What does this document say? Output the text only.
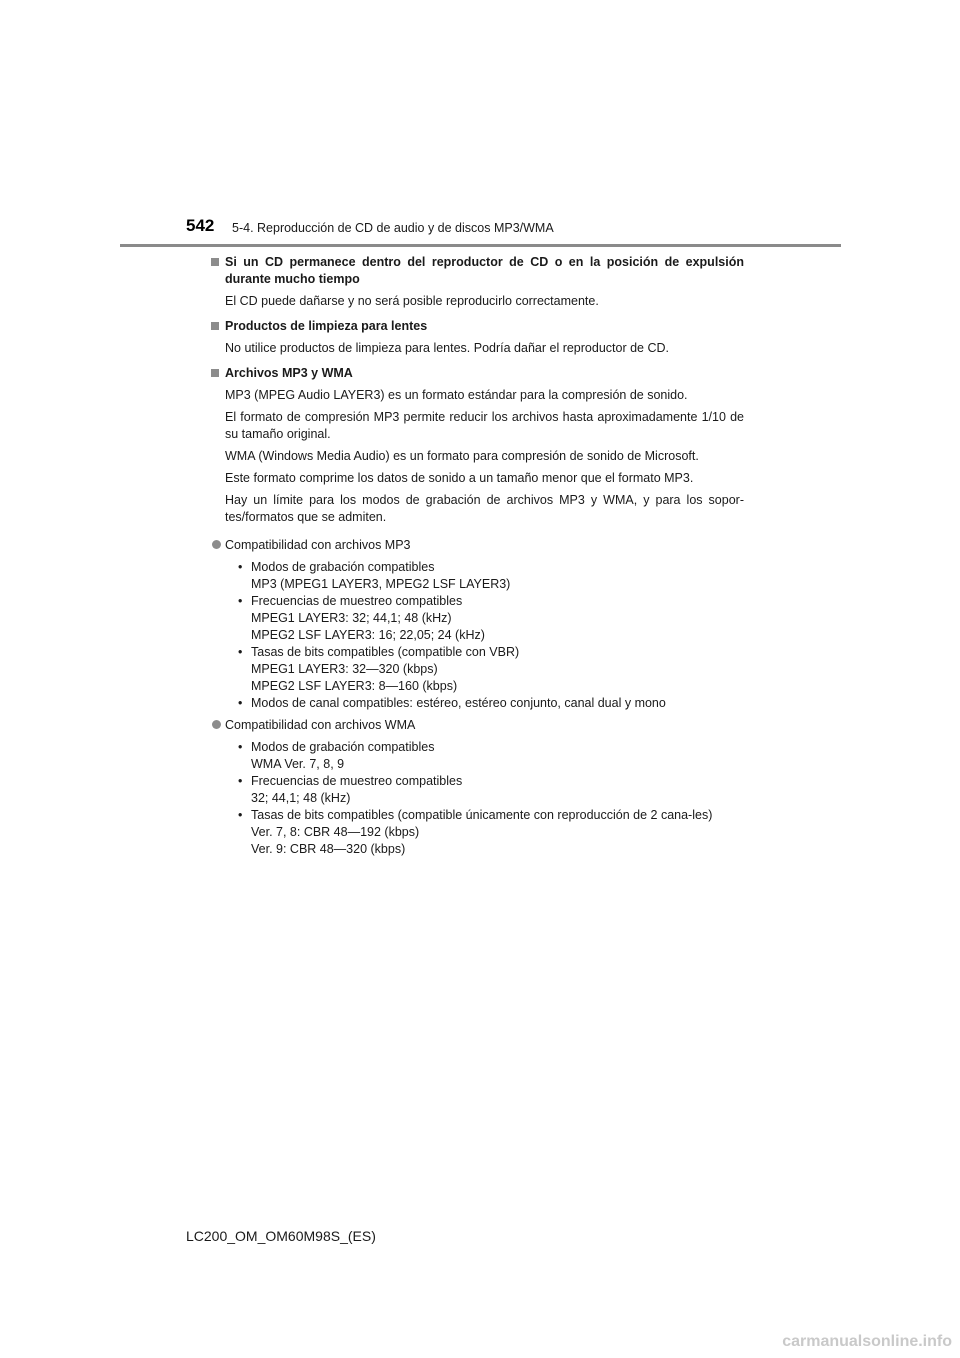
542 5-4. Reproducción de CD de audio y de discos MP3/WMA
Si un CD permanece dentro del reproductor de CD o en la posición de expulsión durante mucho tiempo
El CD puede dañarse y no será posible reproducirlo correctamente.
Productos de limpieza para lentes
No utilice productos de limpieza para lentes. Podría dañar el reproductor de CD.
Archivos MP3 y WMA
MP3 (MPEG Audio LAYER3) es un formato estándar para la compresión de sonido.
El formato de compresión MP3 permite reducir los archivos hasta aproximadamente 1/10 de su tamaño original.
WMA (Windows Media Audio) es un formato para compresión de sonido de Microsoft.
Este formato comprime los datos de sonido a un tamaño menor que el formato MP3.
Hay un límite para los modos de grabación de archivos MP3 y WMA, y para los sopor-tes/formatos que se admiten.
Compatibilidad con archivos MP3
• Modos de grabación compatibles
MP3 (MPEG1 LAYER3, MPEG2 LSF LAYER3)
• Frecuencias de muestreo compatibles
MPEG1 LAYER3: 32; 44,1; 48 (kHz)
MPEG2 LSF LAYER3: 16; 22,05; 24 (kHz)
• Tasas de bits compatibles (compatible con VBR)
MPEG1 LAYER3: 32—320 (kbps)
MPEG2 LSF LAYER3: 8—160 (kbps)
• Modos de canal compatibles: estéreo, estéreo conjunto, canal dual y mono
Compatibilidad con archivos WMA
• Modos de grabación compatibles
WMA Ver. 7, 8, 9
• Frecuencias de muestreo compatibles
32; 44,1; 48 (kHz)
• Tasas de bits compatibles (compatible únicamente con reproducción de 2 cana-les)
Ver. 7, 8: CBR 48—192 (kbps)
Ver. 9: CBR 48—320 (kbps)
LC200_OM_OM60M98S_(ES)
carmanualsonline.info
